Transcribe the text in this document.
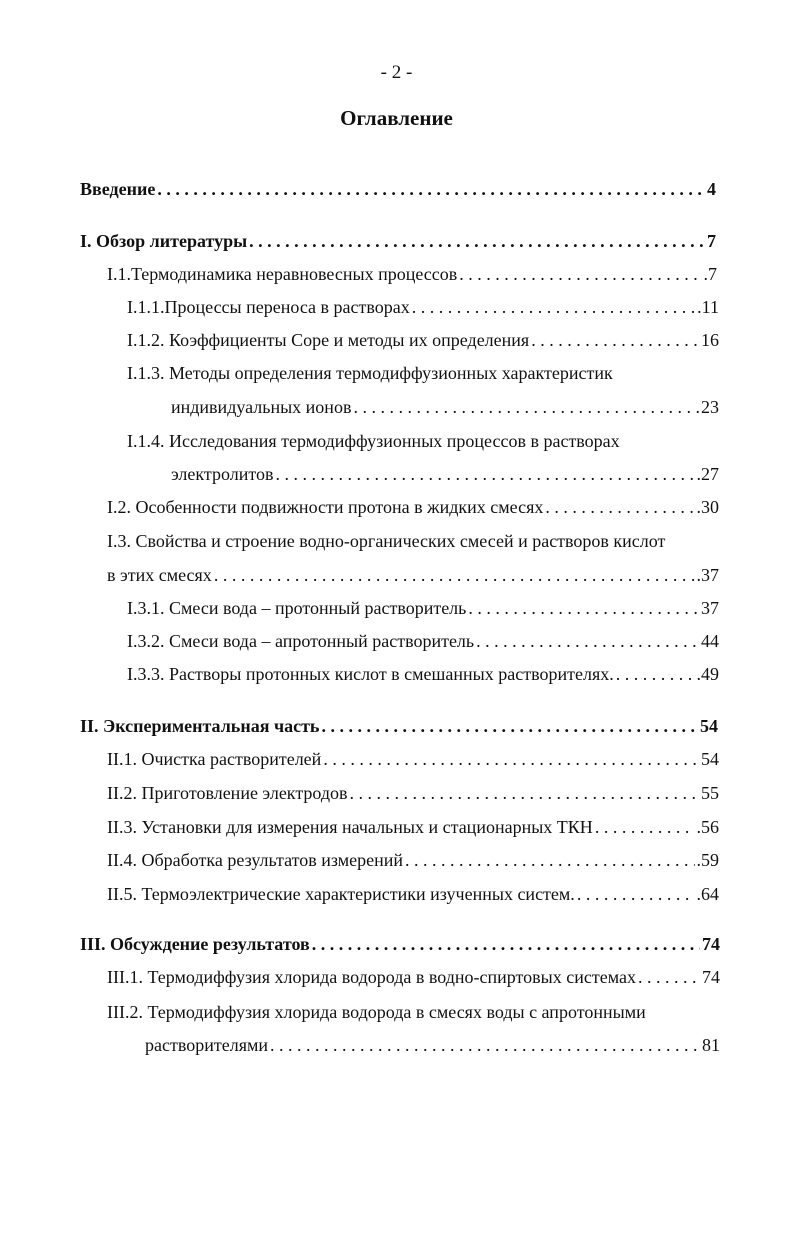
- 2 -
Оглавление
Введение . . .	4
I. Обзор литературы . . .	7
I.1.Термодинамика неравновесных процессов . . .	.7
I.1.1.Процессы переноса в растворах . . .	.11
I.1.2. Коэффициенты Соре и методы их определения . . .	16
I.1.3. Методы определения термодиффузионных характеристик
индивидуальных ионов . . .	23
I.1.4. Исследования термодиффузионных процессов в растворах
электролитов . . .	.27
I.2. Особенности подвижности протона в жидких смесях . . .	.30
I.3. Свойства и строение водно-органических смесей и растворов кислот
в этих смесях . . .	.37
I.3.1. Смеси вода – протонный растворитель . . .	37
I.3.2. Смеси вода – апротонный растворитель . . .	44
I.3.3. Растворы протонных кислот в смешанных растворителях. . . .	.49
II. Экспериментальная часть . . .	54
II.1. Очистка растворителей . . .	54
II.2. Приготовление электродов . . .	55
II.3. Установки для измерения начальных и стационарных ТКН . . .	.56
II.4. Обработка результатов измерений . . .	.59
II.5. Термоэлектрические характеристики изученных систем. . . .	.64
III. Обсуждение результатов . . .	74
III.1. Термодиффузия хлорида водорода в водно-спиртовых системах . . .	74
III.2. Термодиффузия хлорида водорода в смесях воды с апротонными
растворителями . . .	81
